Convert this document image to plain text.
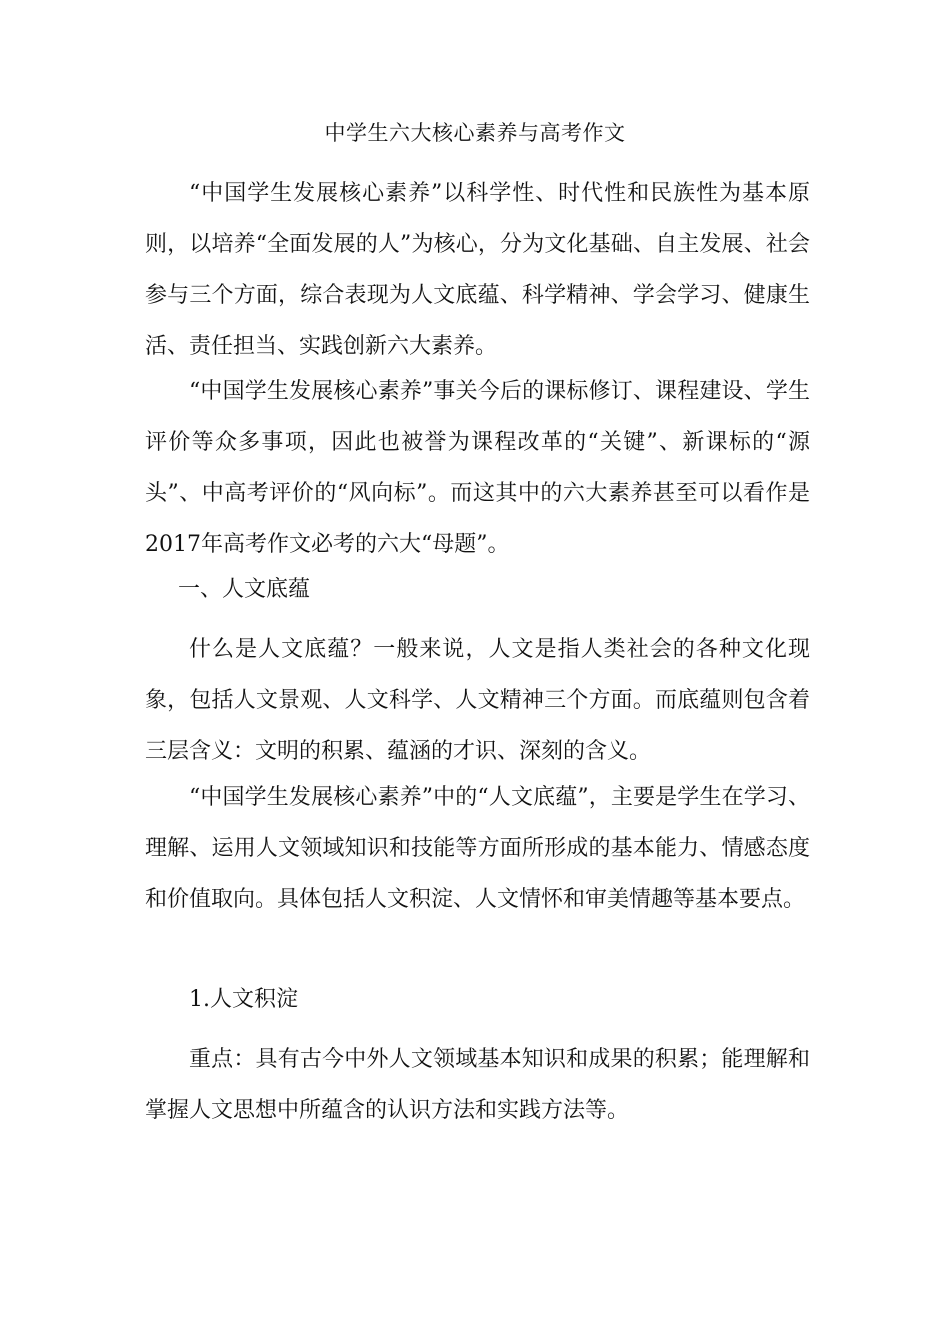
中学生六大核心素养与高考作文

“中国学生发展核心素养”以科学性、时代性和民族性为基本原则，以培养“全面发展的人”为核心，分为文化基础、自主发展、社会参与三个方面，综合表现为人文底蕴、科学精神、学会学习、健康生活、责任担当、实践创新六大素养。

“中国学生发展核心素养”事关今后的课标修订、课程建设、学生评价等众多事项，因此也被誉为课程改革的“关键”、新课标的“源头”、中高考评价的“风向标”。而这其中的六大素养甚至可以看作是2017年高考作文必考的六大“母题”。

一、人文底蕴

什么是人文底蕴？一般来说，人文是指人类社会的各种文化现象，包括人文景观、人文科学、人文精神三个方面。而底蕴则包含着三层含义：文明的积累、蕴涵的才识、深刻的含义。

“中国学生发展核心素养”中的“人文底蕴”，主要是学生在学习、理解、运用人文领域知识和技能等方面所形成的基本能力、情感态度和价值取向。具体包括人文积淀、人文情怀和审美情趣等基本要点。

1.人文积淀

重点：具有古今中外人文领域基本知识和成果的积累；能理解和掌握人文思想中所蕴含的认识方法和实践方法等。
